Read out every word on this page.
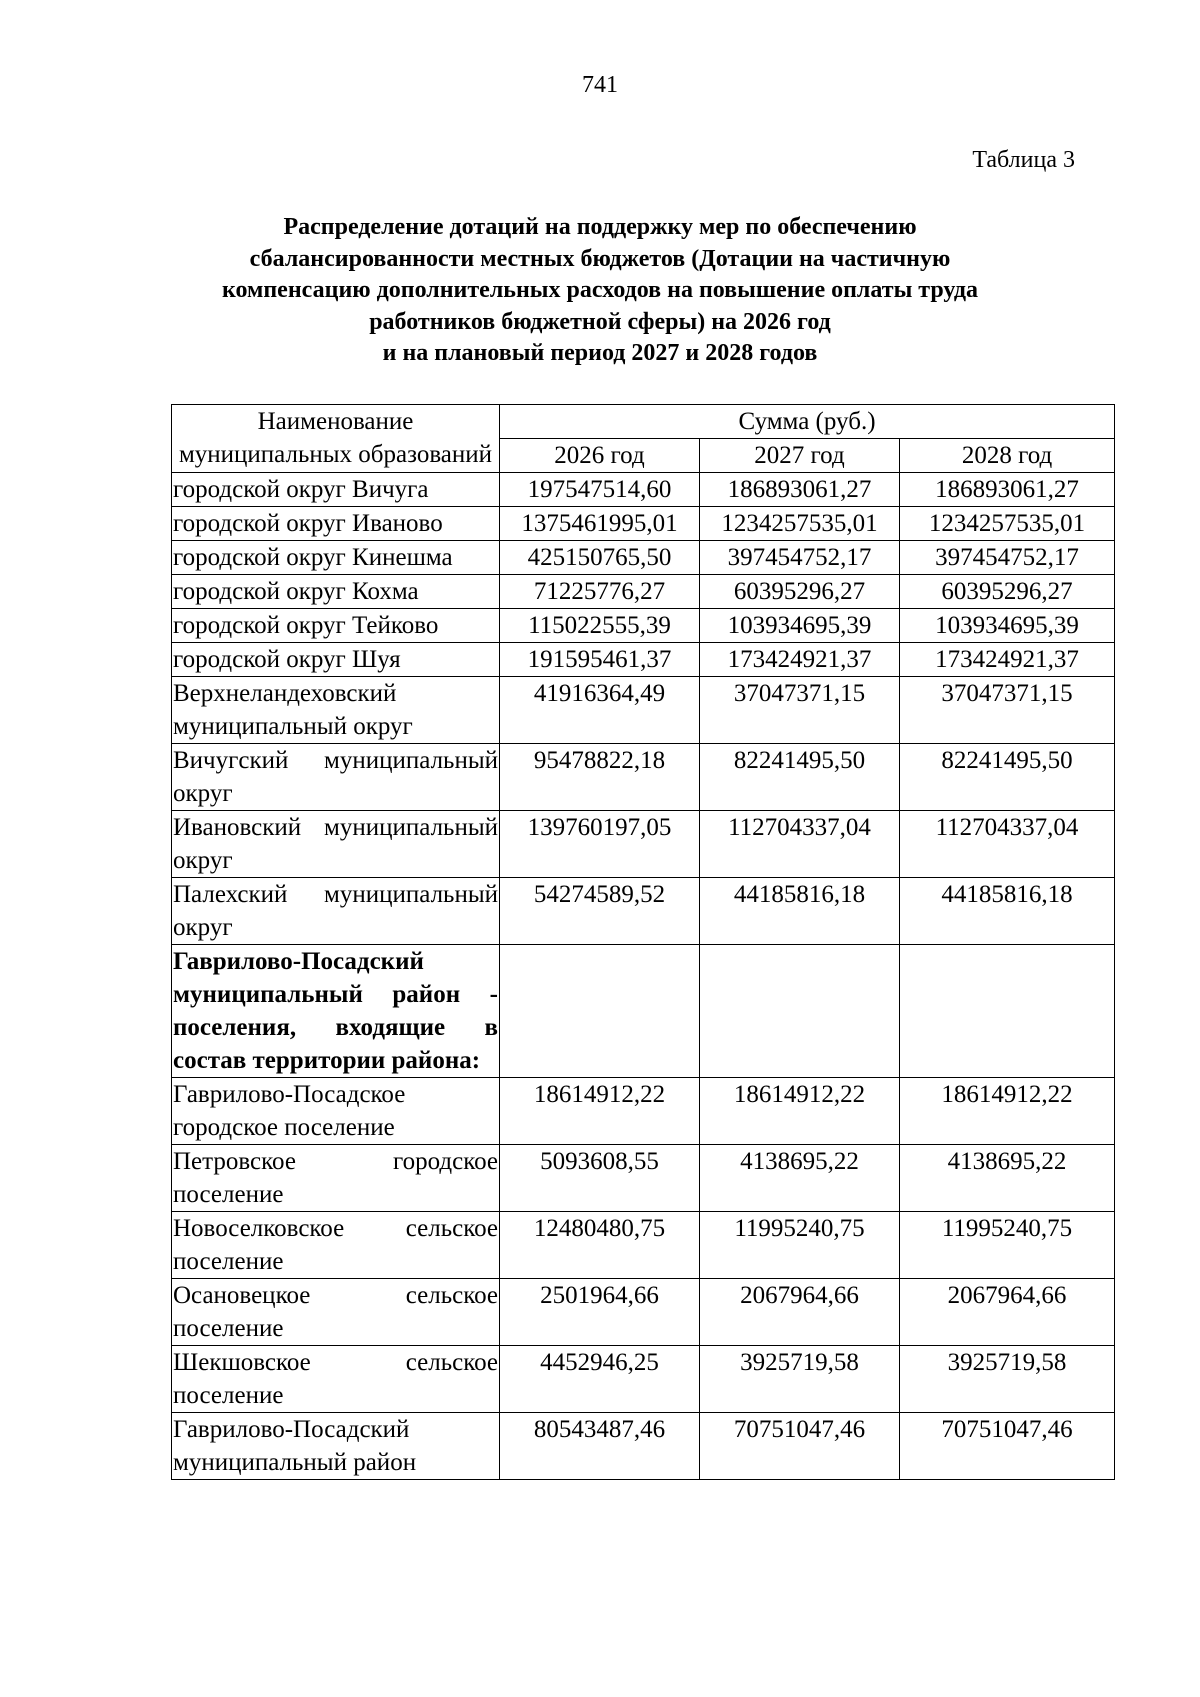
741
Таблица 3
Распределение дотаций на поддержку мер по обеспечению
сбалансированности местных бюджетов (Дотации на частичную
компенсацию дополнительных расходов на повышение оплаты труда
работников бюджетной сферы) на 2026 год
и на плановый период 2027 и 2028 годов
Наименование муниципальных образований	Сумма (руб.)		
	2026 год	2027 год	2028 год
городской округ Вичуга	197547514,60	186893061,27	186893061,27
городской округ Иваново	1375461995,01	1234257535,01	1234257535,01
городской округ Кинешма	425150765,50	397454752,17	397454752,17
городской округ Кохма	71225776,27	60395296,27	60395296,27
городской округ Тейково	115022555,39	103934695,39	103934695,39
городской округ Шуя	191595461,37	173424921,37	173424921,37
Верхнеландеховский муниципальный округ	41916364,49	37047371,15	37047371,15
Вичугский муниципальный округ	95478822,18	82241495,50	82241495,50
Ивановский муниципальный округ	139760197,05	112704337,04	112704337,04
Палехский муниципальный округ	54274589,52	44185816,18	44185816,18
Гаврилово-Посадский муниципальный район - поселения, входящие в состав территории района:			
Гаврилово-Посадское городское поселение	18614912,22	18614912,22	18614912,22
Петровское городское поселение	5093608,55	4138695,22	4138695,22
Новоселковское сельское поселение	12480480,75	11995240,75	11995240,75
Осановецкое сельское поселение	2501964,66	2067964,66	2067964,66
Шекшовское сельское поселение	4452946,25	3925719,58	3925719,58
Гаврилово-Посадский муниципальный район	80543487,46	70751047,46	70751047,46
